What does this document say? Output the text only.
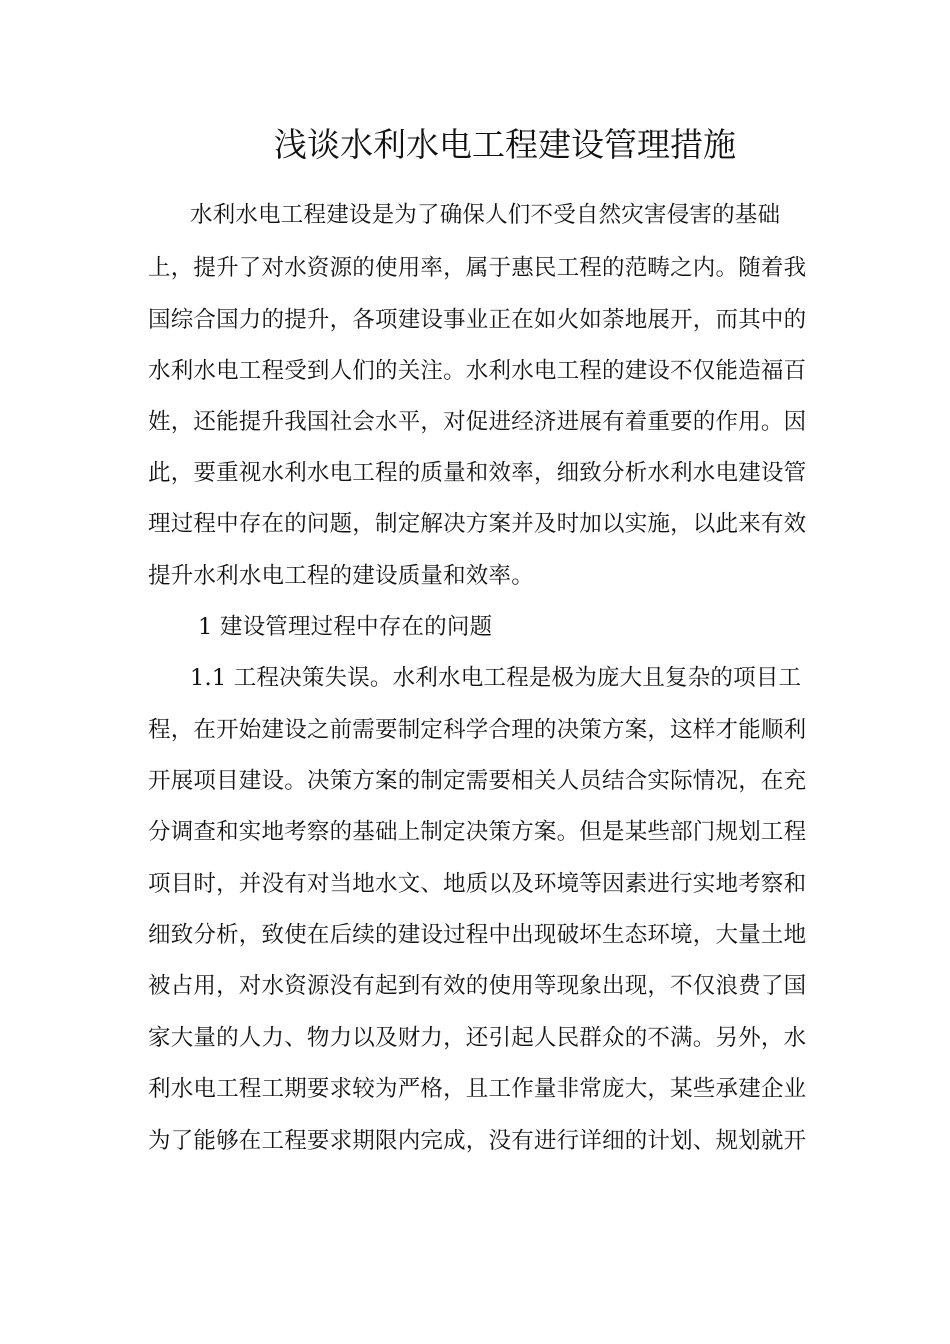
浅谈水利水电工程建设管理措施
水利水电工程建设是为了确保人们不受自然灾害侵害的基础
上，提升了对水资源的使用率，属于惠民工程的范畴之内。随着我
国综合国力的提升，各项建设事业正在如火如荼地展开，而其中的
水利水电工程受到人们的关注。水利水电工程的建设不仅能造福百
姓，还能提升我国社会水平，对促进经济进展有着重要的作用。因
此，要重视水利水电工程的质量和效率，细致分析水利水电建设管
理过程中存在的问题，制定解决方案并及时加以实施，以此来有效
提升水利水电工程的建设质量和效率。
1 建设管理过程中存在的问题
1.1 工程决策失误。水利水电工程是极为庞大且复杂的项目工
程，在开始建设之前需要制定科学合理的决策方案，这样才能顺利
开展项目建设。决策方案的制定需要相关人员结合实际情况，在充
分调查和实地考察的基础上制定决策方案。但是某些部门规划工程
项目时，并没有对当地水文、地质以及环境等因素进行实地考察和
细致分析，致使在后续的建设过程中出现破坏生态环境，大量土地
被占用，对水资源没有起到有效的使用等现象出现，不仅浪费了国
家大量的人力、物力以及财力，还引起人民群众的不满。另外，水
利水电工程工期要求较为严格，且工作量非常庞大，某些承建企业
为了能够在工程要求期限内完成，没有进行详细的计划、规划就开
